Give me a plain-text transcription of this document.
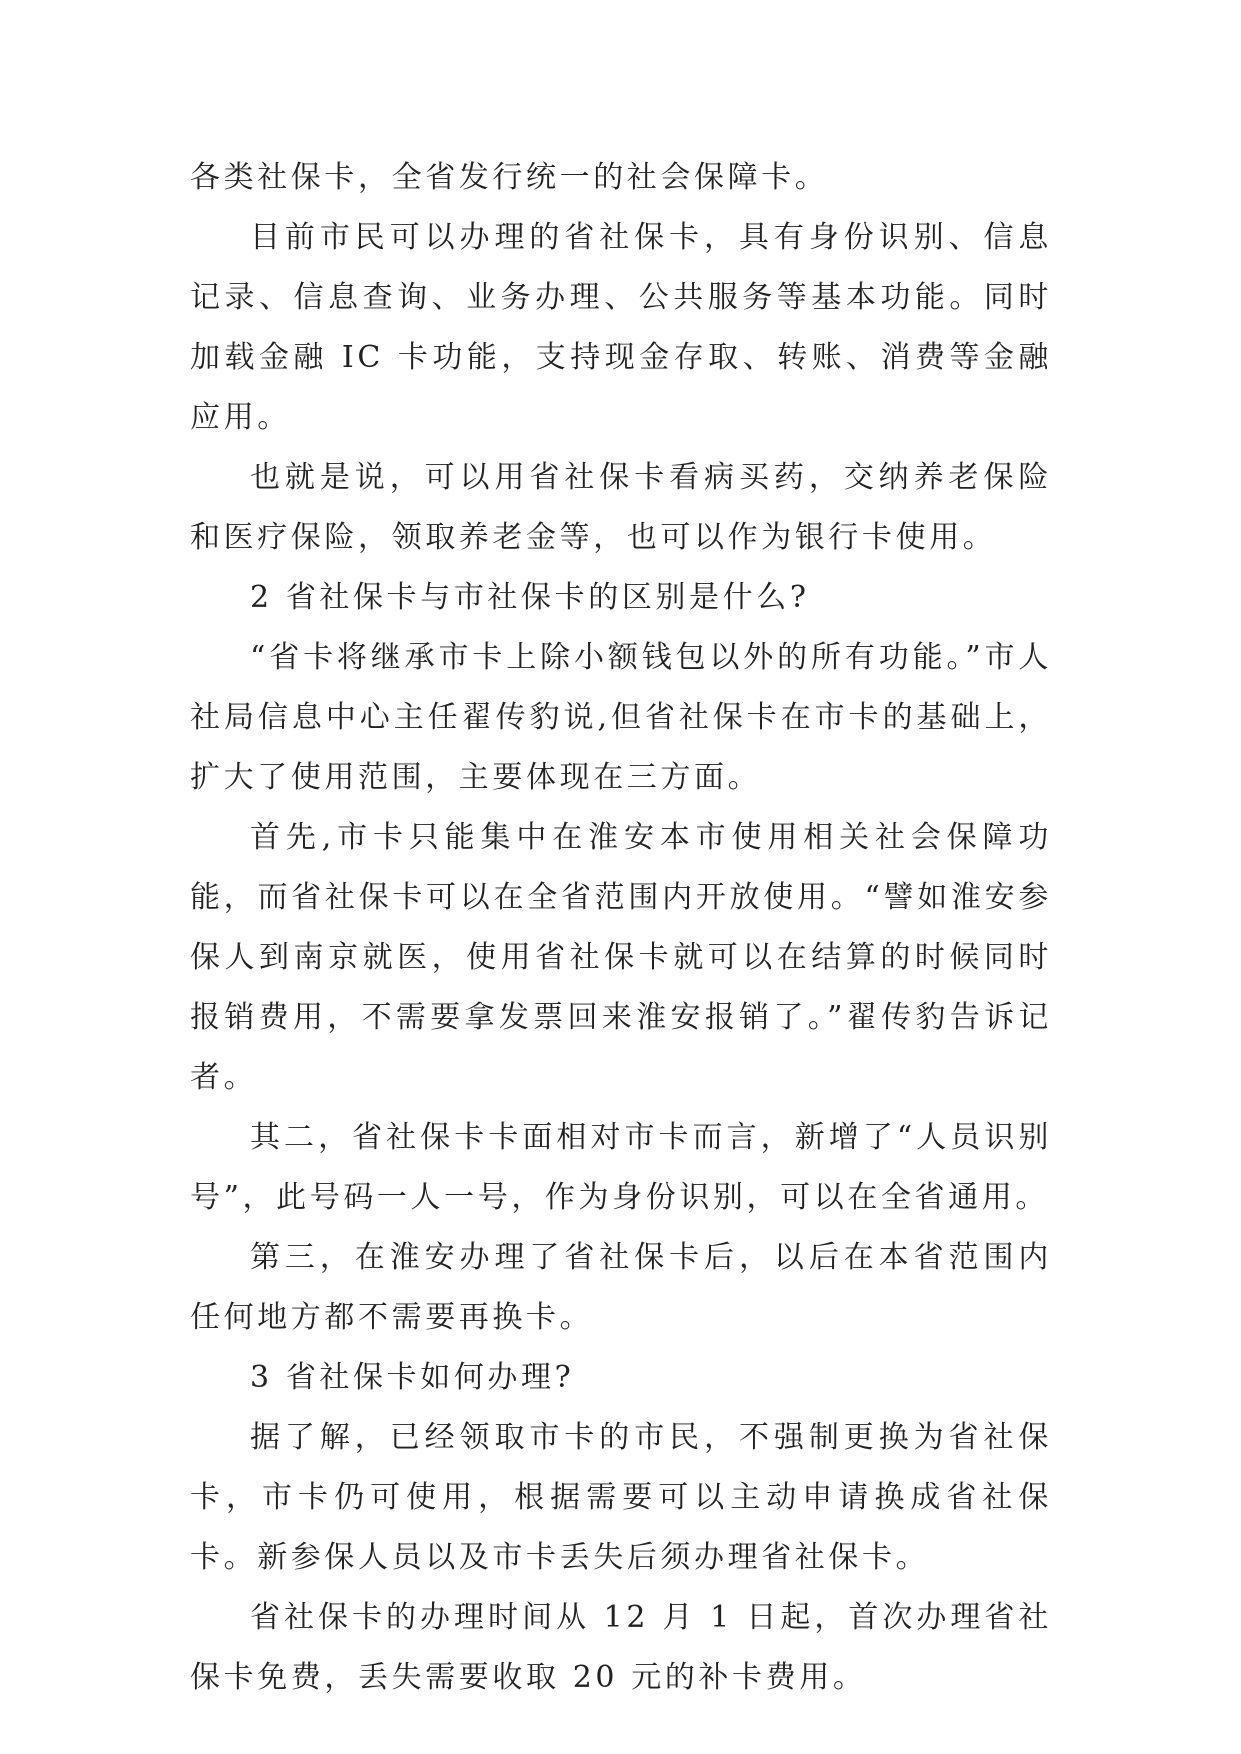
各类社保卡，全省发行统一的社会保障卡。

目前市民可以办理的省社保卡，具有身份识别、信息记录、信息查询、业务办理、公共服务等基本功能。同时加载金融 IC 卡功能，支持现金存取、转账、消费等金融应用。

也就是说，可以用省社保卡看病买药，交纳养老保险和医疗保险，领取养老金等，也可以作为银行卡使用。

2 省社保卡与市社保卡的区别是什么?

“省卡将继承市卡上除小额钱包以外的所有功能。”市人社局信息中心主任翟传豹说,但省社保卡在市卡的基础上，扩大了使用范围，主要体现在三方面。

首先,市卡只能集中在淮安本市使用相关社会保障功能，而省社保卡可以在全省范围内开放使用。“譬如淮安参保人到南京就医，使用省社保卡就可以在结算的时候同时报销费用，不需要拿发票回来淮安报销了。”翟传豹告诉记者。

其二，省社保卡卡面相对市卡而言，新增了“人员识别号”，此号码一人一号，作为身份识别，可以在全省通用。

第三，在淮安办理了省社保卡后，以后在本省范围内任何地方都不需要再换卡。

3 省社保卡如何办理?

据了解，已经领取市卡的市民，不强制更换为省社保卡，市卡仍可使用，根据需要可以主动申请换成省社保卡。新参保人员以及市卡丢失后须办理省社保卡。

省社保卡的办理时间从 12 月 1 日起，首次办理省社保卡免费，丢失需要收取 20 元的补卡费用。
